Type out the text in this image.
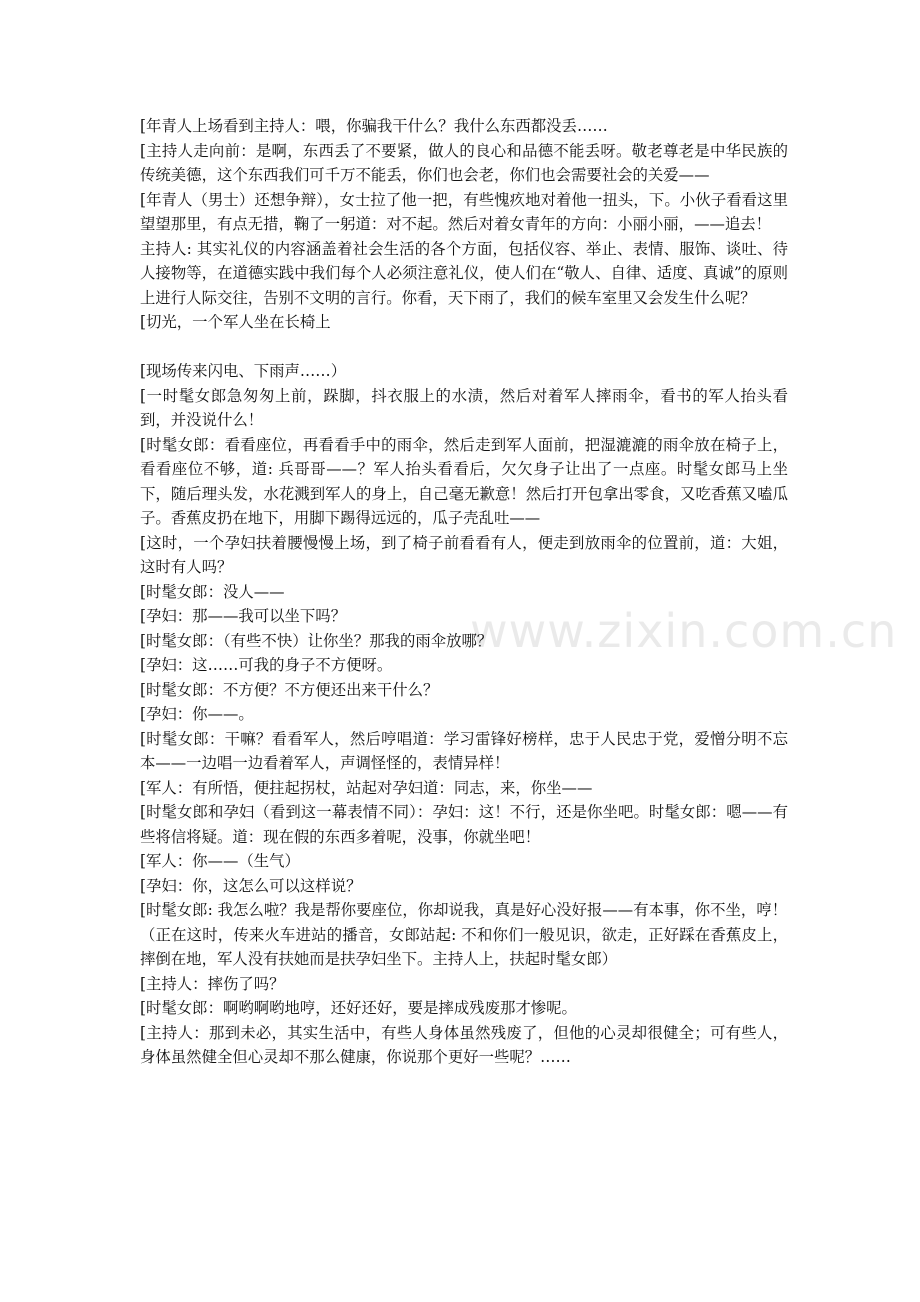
www.zixin.com.cn

[年青人上场看到主持人：喂，你骗我干什么？我什么东西都没丢……

[主持人走向前：是啊，东西丢了不要紧，做人的良心和品德不能丢呀。敬老尊老是中华民族的传统美德，这个东西我们可千万不能丢，你们也会老，你们也会需要社会的关爱——

[年青人（男士）还想争辩），女士拉了他一把，有些愧疚地对着他一扭头，下。小伙子看看这里望望那里，有点无措，鞠了一躬道：对不起。然后对着女青年的方向：小丽小丽，——追去！

主持人: 其实礼仪的内容涵盖着社会生活的各个方面，包括仪容、举止、表情、服饰、谈吐、待人接物等，在道德实践中我们每个人必须注意礼仪，使人们在“敬人、自律、适度、真诚”的原则上进行人际交往，告别不文明的言行。你看，天下雨了，我们的候车室里又会发生什么呢？

[切光，一个军人坐在长椅上

[现场传来闪电、下雨声……）

[一时髦女郎急匆匆上前，跺脚，抖衣服上的水渍，然后对着军人摔雨伞，看书的军人抬头看到，并没说什么！

[时髦女郎：看看座位，再看看手中的雨伞，然后走到军人面前，把湿漉漉的雨伞放在椅子上，看看座位不够，道: 兵哥哥——？军人抬头看看后，欠欠身子让出了一点座。时髦女郎马上坐下，随后理头发，水花溅到军人的身上，自己毫无歉意！然后打开包拿出零食，又吃香蕉又嗑瓜子。香蕉皮扔在地下，用脚下踢得远远的，瓜子壳乱吐——

[这时，一个孕妇扶着腰慢慢上场，到了椅子前看看有人，便走到放雨伞的位置前，道：大姐，这时有人吗？

[时髦女郎：没人——

[孕妇：那——我可以坐下吗？

[时髦女郎：（有些不快）让你坐？那我的雨伞放哪？

[孕妇：这……可我的身子不方便呀。

[时髦女郎：不方便？不方便还出来干什么？

[孕妇：你——。

[时髦女郎：干嘛？看看军人，然后哼唱道：学习雷锋好榜样，忠于人民忠于党，爱憎分明不忘本——一边唱一边看着军人，声调怪怪的，表情异样！

[军人：有所悟，便拄起拐杖，站起对孕妇道：同志，来，你坐——

[时髦女郎和孕妇（看到这一幕表情不同）：孕妇：这！不行，还是你坐吧。时髦女郎：嗯——有些将信将疑。道：现在假的东西多着呢，没事，你就坐吧！

[军人：你——（生气）

[孕妇：你，这怎么可以这样说？

[时髦女郎: 我怎么啦？我是帮你要座位，你却说我，真是好心没好报——有本事，你不坐，哼！

（正在这时，传来火车进站的播音，女郎站起: 不和你们一般见识，欲走，正好踩在香蕉皮上，摔倒在地，军人没有扶她而是扶孕妇坐下。主持人上，扶起时髦女郎）

[主持人：摔伤了吗？

[时髦女郎：啊哟啊哟地哼，还好还好，要是摔成残废那才惨呢。

[主持人：那到未必，其实生活中，有些人身体虽然残废了，但他的心灵却很健全；可有些人，身体虽然健全但心灵却不那么健康，你说那个更好一些呢？……
